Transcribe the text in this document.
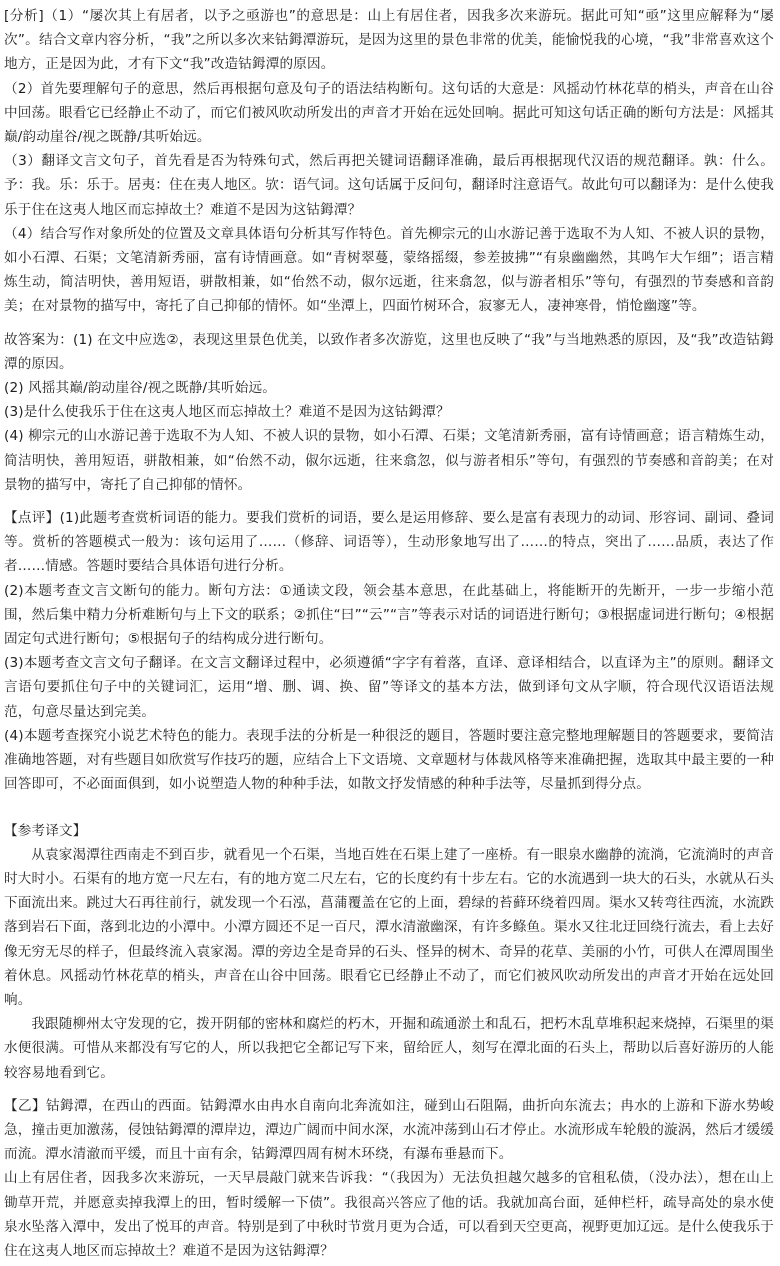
[分析]（1）“屡次其上有居者，以予之亟游也”的意思是：山上有居住者，因我多次来游玩。据此可知“亟”这里应解释为“屡次”。结合文章内容分析，“我”之所以多次来钴鉧潭游玩，是因为这里的景色非常的优美，能愉悦我的心境，“我”非常喜欢这个地方，正是因为此，才有下文“我”改造钴鉧潭的原因。

（2）首先要理解句子的意思，然后再根据句意及句子的语法结构断句。这句话的大意是：风摇动竹林花草的梢头，声音在山谷中回荡。眼看它已经静止不动了，而它们被风吹动所发出的声音才开始在远处回响。据此可知这句话正确的断句方法是：风摇其巅/韵动崖谷/视之既静/其听始远。

（3）翻译文言文句子，首先看是否为特殊句式，然后再把关键词语翻译准确，最后再根据现代汉语的规范翻译。孰：什么。予：我。乐：乐于。居夷：住在夷人地区。欤：语气词。这句话属于反问句，翻译时注意语气。故此句可以翻译为：是什么使我乐于住在这夷人地区而忘掉故土？难道不是因为这钴鉧潭？

（4）结合写作对象所处的位置及文章具体语句分析其写作特色。首先柳宗元的山水游记善于选取不为人知、不被人识的景物，如小石潭、石渠；文笔清新秀丽，富有诗情画意。如“青树翠蔓，蒙络摇缀，参差披拂”“有泉幽幽然，其鸣乍大乍细”；语言精炼生动，简洁明快，善用短语，骈散相兼，如“佁然不动，俶尔远逝，往来翕忽，似与游者相乐”等句，有强烈的节奏感和音韵美；在对景物的描写中，寄托了自己抑郁的情怀。如“坐潭上，四面竹树环合，寂寥无人，凄神寒骨，悄怆幽邃”等。

故答案为：(1) 在文中应选②，表现这里景色优美，以致作者多次游览，这里也反映了“我”与当地熟悉的原因，及“我”改造钴鉧潭的原因。

(2) 风摇其巅/韵动崖谷/视之既静/其听始远。

(3)是什么使我乐于住在这夷人地区而忘掉故土？难道不是因为这钴鉧潭？

(4) 柳宗元的山水游记善于选取不为人知、不被人识的景物，如小石潭、石渠；文笔清新秀丽，富有诗情画意；语言精炼生动，简洁明快，善用短语，骈散相兼，如“佁然不动，俶尔远逝，往来翕忽，似与游者相乐”等句，有强烈的节奏感和音韵美；在对景物的描写中，寄托了自己抑郁的情怀。

【点评】(1)此题考查赏析词语的能力。要我们赏析的词语，要么是运用修辞、要么是富有表现力的动词、形容词、副词、叠词等。赏析的答题模式一般为：该句运用了……（修辞、词语等），生动形象地写出了……的特点，突出了……品质，表达了作者……情感。答题时要结合具体语句进行分析。

(2)本题考查文言文断句的能力。断句方法：①通读文段，领会基本意思，在此基础上，将能断开的先断开，一步一步缩小范围，然后集中精力分析难断句与上下文的联系；②抓住“曰”“云”“言”等表示对话的词语进行断句；③根据虚词进行断句；④根据固定句式进行断句；⑤根据句子的结构成分进行断句。

(3)本题考查文言文句子翻译。在文言文翻译过程中，必须遵循“字字有着落，直译、意译相结合，以直译为主”的原则。翻译文言语句要抓住句子中的关键词汇，运用“增、删、调、换、留”等译文的基本方法，做到译句文从字顺，符合现代汉语语法规范，句意尽量达到完美。

(4)本题考查探究小说艺术特色的能力。表现手法的分析是一种很泛的题目，答题时要注意完整地理解题目的答题要求，要简洁准确地答题，对有些题目如欣赏写作技巧的题，应结合上下文语境、文章题材与体裁风格等来准确把握，选取其中最主要的一种回答即可，不必面面俱到，如小说塑造人物的种种手法，如散文抒发情感的种种手法等，尽量抓到得分点。

【参考译文】

从袁家渴潭往西南走不到百步，就看见一个石渠，当地百姓在石渠上建了一座桥。有一眼泉水幽静的流淌，它流淌时的声音时大时小。石渠有的地方宽一尺左右，有的地方宽二尺左右，它的长度约有十步左右。它的水流遇到一块大的石头，水就从石头下面流出来。跳过大石再往前行，就发现一个石泓，菖蒲覆盖在它的上面，碧绿的苔藓环绕着四周。渠水又转弯往西流，水流跌落到岩石下面，落到北边的小潭中。小潭方圆还不足一百尺，潭水清澈幽深，有许多鲦鱼。渠水又往北迂回绕行流去，看上去好像无穷无尽的样子，但最终流入袁家渴。潭的旁边全是奇异的石头、怪异的树木、奇异的花草、美丽的小竹，可供人在潭周围坐着休息。风摇动竹林花草的梢头，声音在山谷中回荡。眼看它已经静止不动了，而它们被风吹动所发出的声音才开始在远处回响。

我跟随柳州太守发现的它，拨开阴郁的密林和腐烂的朽木，开掘和疏通淤土和乱石，把朽木乱草堆积起来烧掉，石渠里的渠水便很满。可惜从来都没有写它的人，所以我把它全都记写下来，留给匠人，刻写在潭北面的石头上，帮助以后喜好游历的人能较容易地看到它。

【乙】钴鉧潭，在西山的西面。钴鉧潭水由冉水自南向北奔流如注，碰到山石阻隔，曲折向东流去；冉水的上游和下游水势峻急，撞击更加激荡，侵蚀钴鉧潭的潭岸边，潭边广阔而中间水深，水流冲荡到山石才停止。水流形成车轮般的漩涡，然后才缓缓而流。潭水清澈而平缓，而且十亩有余，钴鉧潭四周有树木环绕，有瀑布垂悬而下。

山上有居住者，因我多次来游玩，一天早晨敲门就来告诉我：“（我因为）无法负担越欠越多的官租私债，（没办法），想在山上锄草开荒，并愿意卖掉我潭上的田，暂时缓解一下债”。我很高兴答应了他的话。我就加高台面，延伸栏杆，疏导高处的泉水使泉水坠落入潭中，发出了悦耳的声音。特别是到了中秋时节赏月更为合适，可以看到天空更高，视野更加辽远。是什么使我乐于住在这夷人地区而忘掉故土？难道不是因为这钴鉧潭？
